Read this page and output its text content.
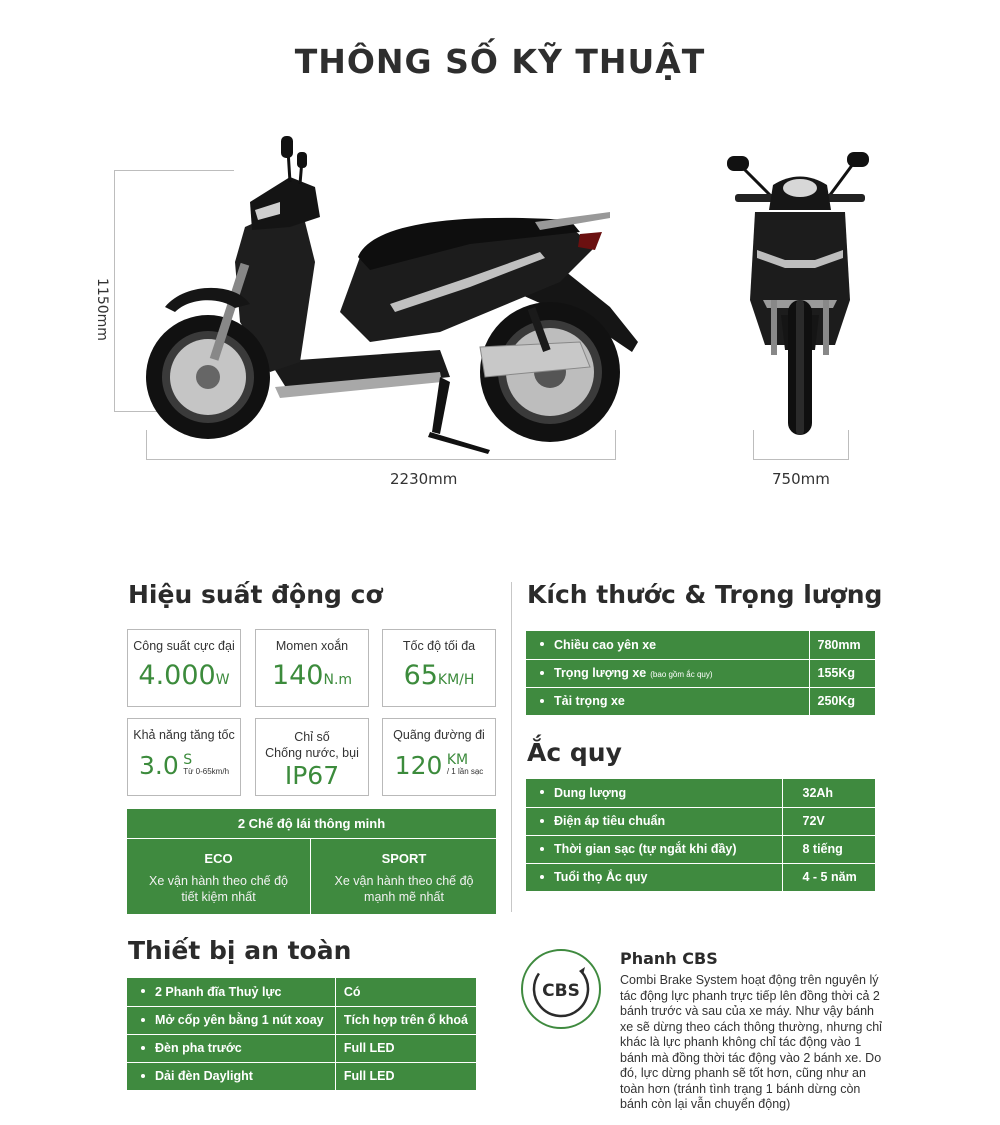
THÔNG SỐ KỸ THUẬT
1150mm
2230mm	750mm
Hiệu suất động cơ
Công suất cực đại
4.000W
Momen xoắn
140N.m
Tốc độ tối đa
65KM/H
Khả năng tăng tốc
3.0 S
Từ 0-65km/h
Chỉ số
Chống nước, bụi
IP67
Quãng đường đi
120 KM
/ 1 lần sạc
2 Chế độ lái thông minh
ECO
Xe vận hành theo chế độ
tiết kiệm nhất
SPORT
Xe vận hành theo chế độ
mạnh mẽ nhất
Kích thước & Trọng lượng
Chiều cao yên xe	780mm
Trọng lượng xe (bao gồm ắc quy)	155Kg
Tải trọng xe	250Kg
Ắc quy
Dung lượng	32Ah
Điện áp tiêu chuẩn	72V
Thời gian sạc (tự ngắt khi đầy)	8 tiếng
Tuổi thọ Ắc quy	4 - 5 năm
Thiết bị an toàn
2 Phanh đĩa Thuỷ lực	Có
Mở cốp yên bằng 1 nút xoay	Tích hợp trên ổ khoá
Đèn pha trước	Full LED
Dải đèn Daylight	Full LED
CBS
Phanh CBS
Combi Brake System hoạt động trên nguyên lý tác động lực phanh trực tiếp lên đồng thời cả 2 bánh trước và sau của xe máy. Như vậy bánh xe sẽ dừng theo cách thông thường, nhưng chỉ khác là lực phanh không chỉ tác động vào 1 bánh mà đồng thời tác động vào 2 bánh xe. Do đó, lực dừng phanh sẽ tốt hơn, cũng như an toàn hơn (tránh tình trạng 1 bánh dừng còn bánh còn lại vẫn chuyển động)
